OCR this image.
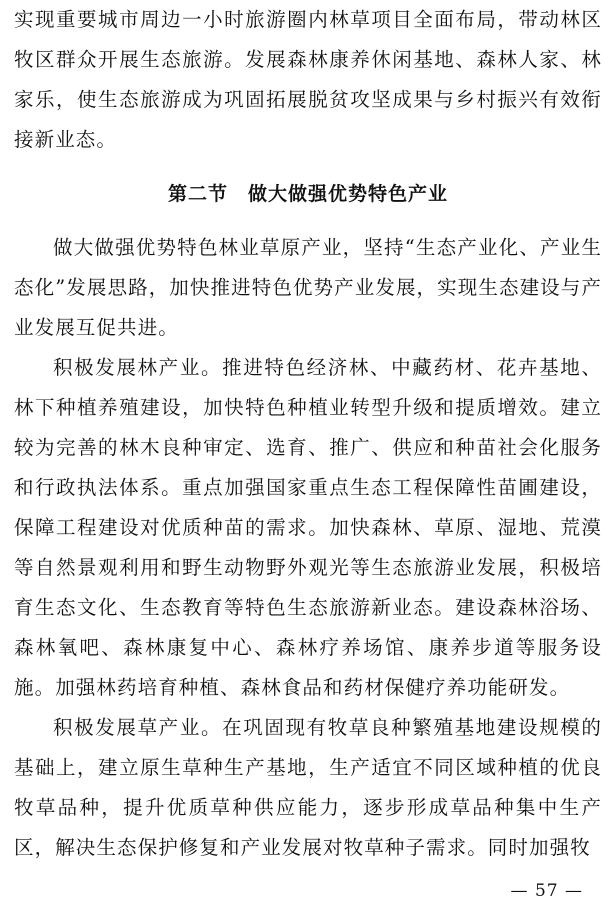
实现重要城市周边一小时旅游圈内林草项目全面布局，带动林区牧区群众开展生态旅游。发展森林康养休闲基地、森林人家、林家乐，使生态旅游成为巩固拓展脱贫攻坚成果与乡村振兴有效衔接新业态。

第二节　做大做强优势特色产业

做大做强优势特色林业草原产业，坚持“生态产业化、产业生态化”发展思路，加快推进特色优势产业发展，实现生态建设与产业发展互促共进。

积极发展林产业。推进特色经济林、中藏药材、花卉基地、林下种植养殖建设，加快特色种植业转型升级和提质增效。建立较为完善的林木良种审定、选育、推广、供应和种苗社会化服务和行政执法体系。重点加强国家重点生态工程保障性苗圃建设，保障工程建设对优质种苗的需求。加快森林、草原、湿地、荒漠等自然景观利用和野生动物野外观光等生态旅游业发展，积极培育生态文化、生态教育等特色生态旅游新业态。建设森林浴场、森林氧吧、森林康复中心、森林疗养场馆、康养步道等服务设施。加强林药培育种植、森林食品和药材保健疗养功能研发。

积极发展草产业。在巩固现有牧草良种繁殖基地建设规模的基础上，建立原生草种生产基地，生产适宜不同区域种植的优良牧草品种，提升优质草种供应能力，逐步形成草品种集中生产区，解决生态保护修复和产业发展对牧草种子需求。同时加强牧

— 57 —
